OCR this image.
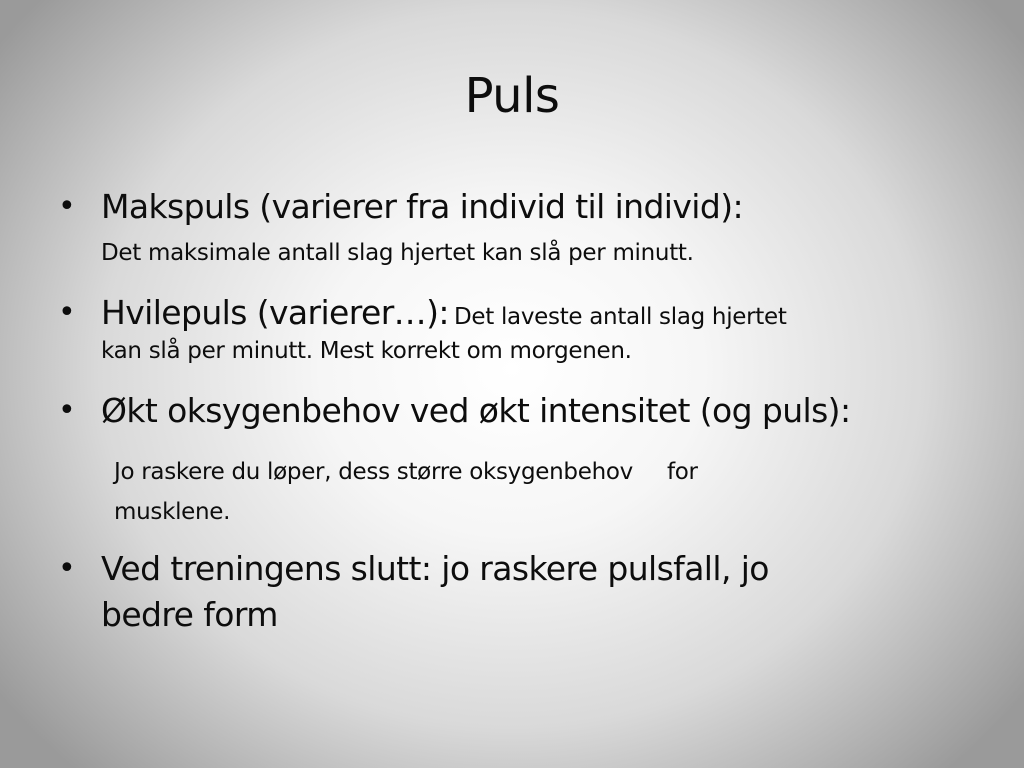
Puls
• Makspuls (varierer fra individ til individ):
Det maksimale antall slag hjertet kan slå per minutt.
• Hvilepuls (varierer…): Det laveste antall slag hjertet
kan slå per minutt. Mest korrekt om morgenen.
• Økt oksygenbehov ved økt intensitet (og puls):
Jo raskere du løper, dess større oksygenbehov for
musklene.
• Ved treningens slutt: jo raskere pulsfall, jo
bedre form
